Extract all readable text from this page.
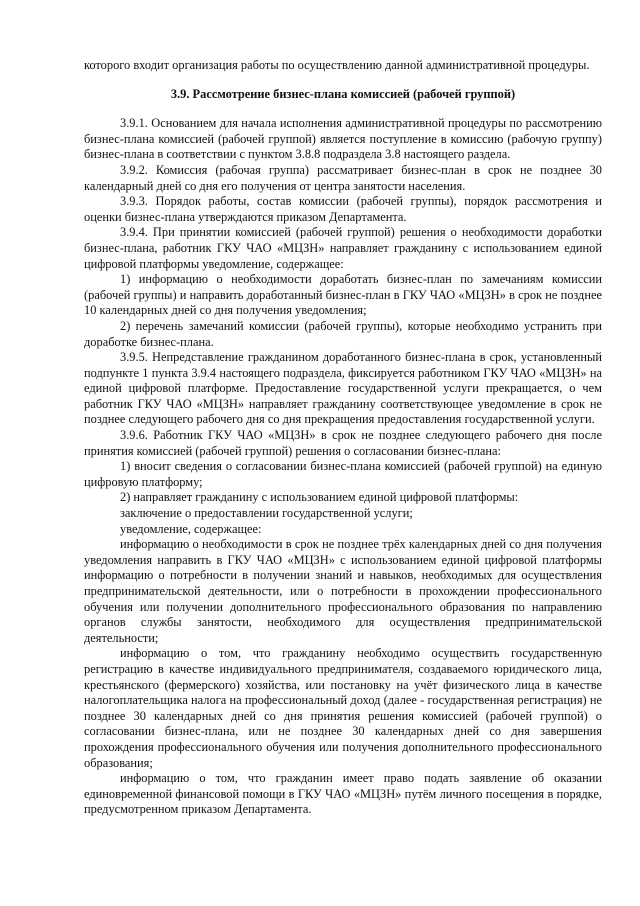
которого входит организация работы по осуществлению данной административной процедуры.

3.9. Рассмотрение бизнес-плана комиссией (рабочей группой)

3.9.1. Основанием для начала исполнения административной процедуры по рассмотрению бизнес-плана комиссией (рабочей группой) является поступление в комиссию (рабочую группу) бизнес-плана в соответствии с пунктом 3.8.8 подраздела 3.8 настоящего раздела.

3.9.2. Комиссия (рабочая группа) рассматривает бизнес-план в срок не позднее 30 календарный дней со дня его получения от центра занятости населения.

3.9.3. Порядок работы, состав комиссии (рабочей группы), порядок рассмотрения и оценки бизнес-плана утверждаются приказом Департамента.

3.9.4. При принятии комиссией (рабочей группой) решения о необходимости доработки бизнес-плана, работник ГКУ ЧАО «МЦЗН» направляет гражданину с использованием единой цифровой платформы уведомление, содержащее:

1) информацию о необходимости доработать бизнес-план по замечаниям комиссии (рабочей группы) и направить доработанный бизнес-план в ГКУ ЧАО «МЦЗН» в срок не позднее 10 календарных дней со дня получения уведомления;

2) перечень замечаний комиссии (рабочей группы), которые необходимо устранить при доработке бизнес-плана.

3.9.5. Непредставление гражданином доработанного бизнес-плана в срок, установленный подпункте 1 пункта 3.9.4 настоящего подраздела, фиксируется работником ГКУ ЧАО «МЦЗН» на единой цифровой платформе. Предоставление государственной услуги прекращается, о чем работник ГКУ ЧАО «МЦЗН» направляет гражданину соответствующее уведомление в срок не позднее следующего рабочего дня со дня прекращения предоставления государственной услуги.

3.9.6. Работник ГКУ ЧАО «МЦЗН» в срок не позднее следующего рабочего дня после принятия комиссией (рабочей группой) решения о согласовании бизнес-плана:

1) вносит сведения о согласовании бизнес-плана комиссией (рабочей группой) на единую цифровую платформу;

2) направляет гражданину с использованием единой цифровой платформы:

заключение о предоставлении государственной услуги;

уведомление, содержащее:

информацию о необходимости в срок не позднее трёх календарных дней со дня получения уведомления направить в ГКУ ЧАО «МЦЗН» с использованием единой цифровой платформы информацию о потребности в получении знаний и навыков, необходимых для осуществления предпринимательской деятельности, или о потребности в прохождении профессионального обучения или получении дополнительного профессионального образования по направлению органов службы занятости, необходимого для осуществления предпринимательской деятельности;

информацию о том, что гражданину необходимо осуществить государственную регистрацию в качестве индивидуального предпринимателя, создаваемого юридического лица, крестьянского (фермерского) хозяйства, или постановку на учёт физического лица в качестве налогоплательщика налога на профессиональный доход (далее - государственная регистрация) не позднее 30 календарных дней со дня принятия решения комиссией (рабочей группой) о согласовании бизнес-плана, или не позднее 30 календарных дней со дня завершения прохождения профессионального обучения или получения дополнительного профессионального образования;

информацию о том, что гражданин имеет право подать заявление об оказании единовременной финансовой помощи в ГКУ ЧАО «МЦЗН» путём личного посещения в порядке, предусмотренном приказом Департамента.
